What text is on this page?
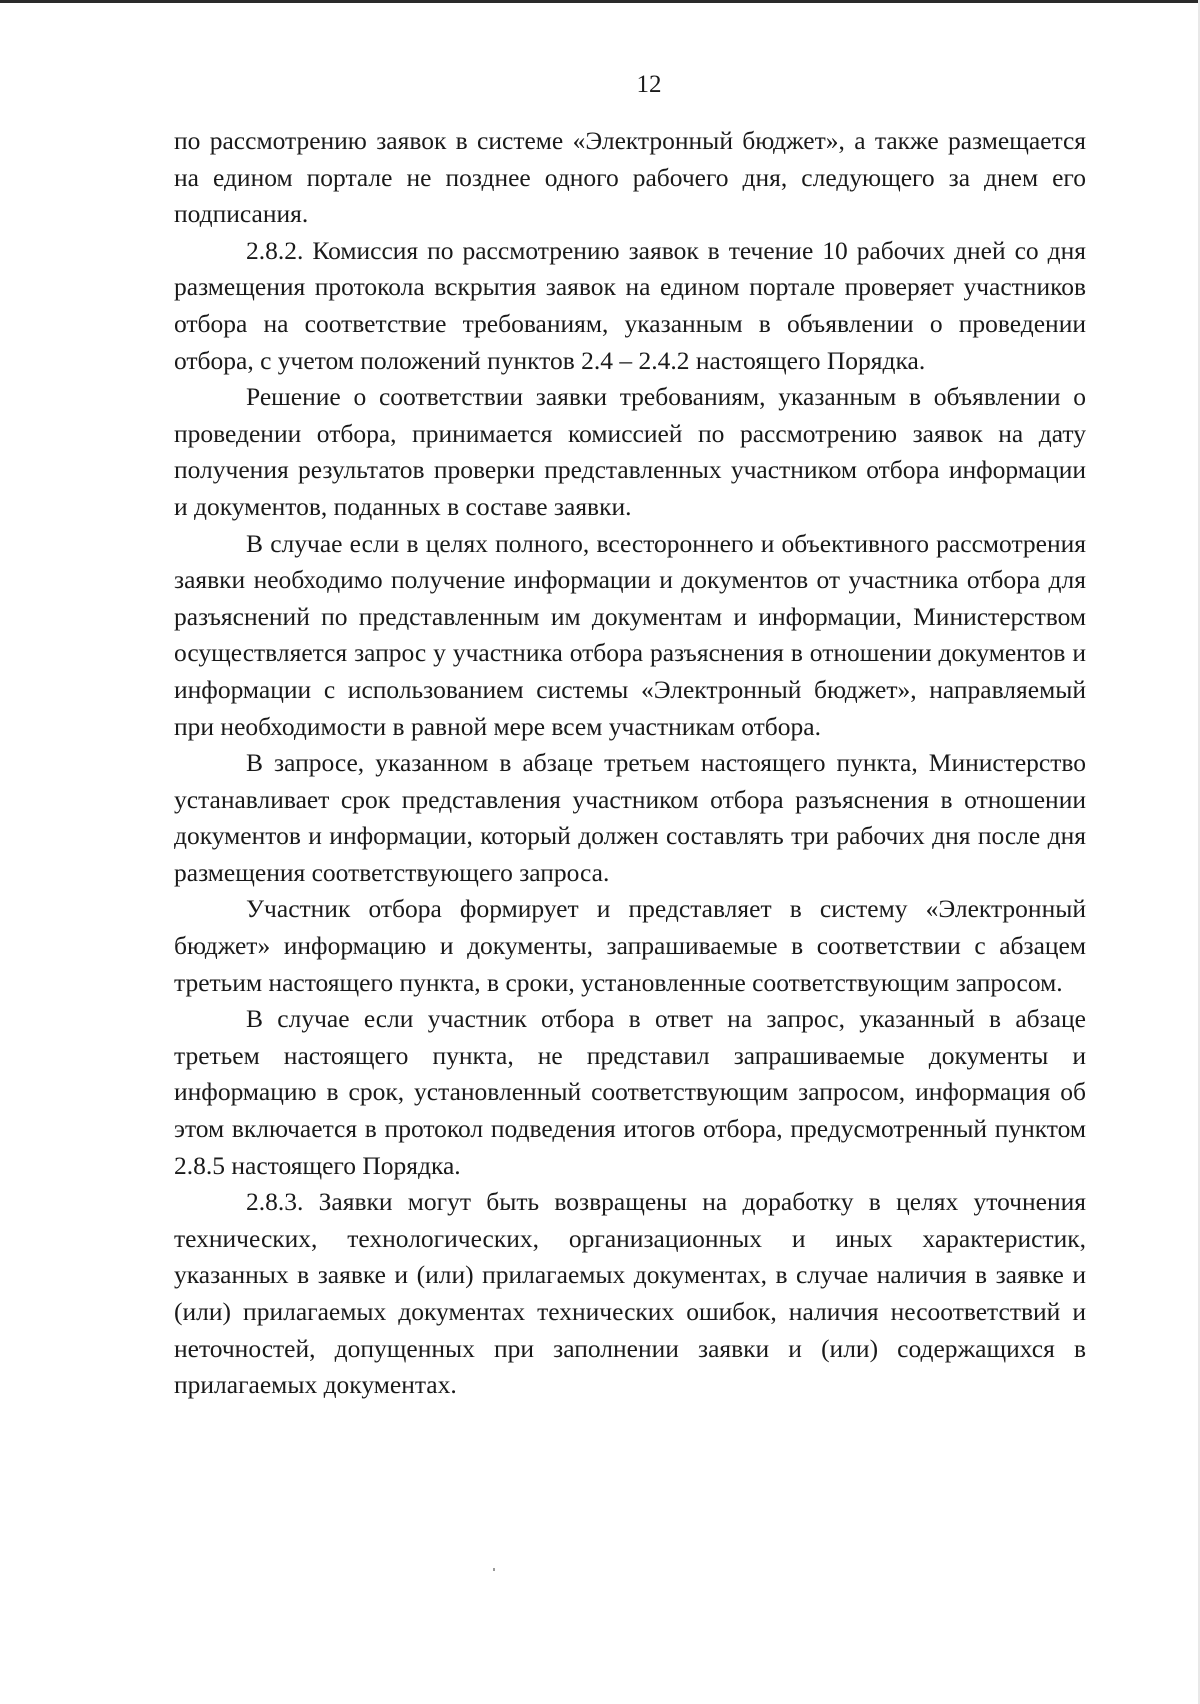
12

по рассмотрению заявок в системе «Электронный бюджет», а также размещается на едином портале не позднее одного рабочего дня, следующего за днем его подписания.

2.8.2. Комиссия по рассмотрению заявок в течение 10 рабочих дней со дня размещения протокола вскрытия заявок на едином портале проверяет участников отбора на соответствие требованиям, указанным в объявлении о проведении отбора, с учетом положений пунктов 2.4 – 2.4.2 настоящего Порядка.

Решение о соответствии заявки требованиям, указанным в объявлении о проведении отбора, принимается комиссией по рассмотрению заявок на дату получения результатов проверки представленных участником отбора информации и документов, поданных в составе заявки.

В случае если в целях полного, всестороннего и объективного рассмотрения заявки необходимо получение информации и документов от участника отбора для разъяснений по представленным им документам и информации, Министерством осуществляется запрос у участника отбора разъяснения в отношении документов и информации с использованием системы «Электронный бюджет», направляемый при необходимости в равной мере всем участникам отбора.

В запросе, указанном в абзаце третьем настоящего пункта, Министерство устанавливает срок представления участником отбора разъяснения в отношении документов и информации, который должен составлять три рабочих дня после дня размещения соответствующего запроса.

Участник отбора формирует и представляет в систему «Электронный бюджет» информацию и документы, запрашиваемые в соответствии с абзацем третьим настоящего пункта, в сроки, установленные соответствующим запросом.

В случае если участник отбора в ответ на запрос, указанный в абзаце третьем настоящего пункта, не представил запрашиваемые документы и информацию в срок, установленный соответствующим запросом, информация об этом включается в протокол подведения итогов отбора, предусмотренный пунктом 2.8.5 настоящего Порядка.

2.8.3. Заявки могут быть возвращены на доработку в целях уточнения технических, технологических, организационных и иных характеристик, указанных в заявке и (или) прилагаемых документах, в случае наличия в заявке и (или) прилагаемых документах технических ошибок, наличия несоответствий и неточностей, допущенных при заполнении заявки и (или) содержащихся в прилагаемых документах.
